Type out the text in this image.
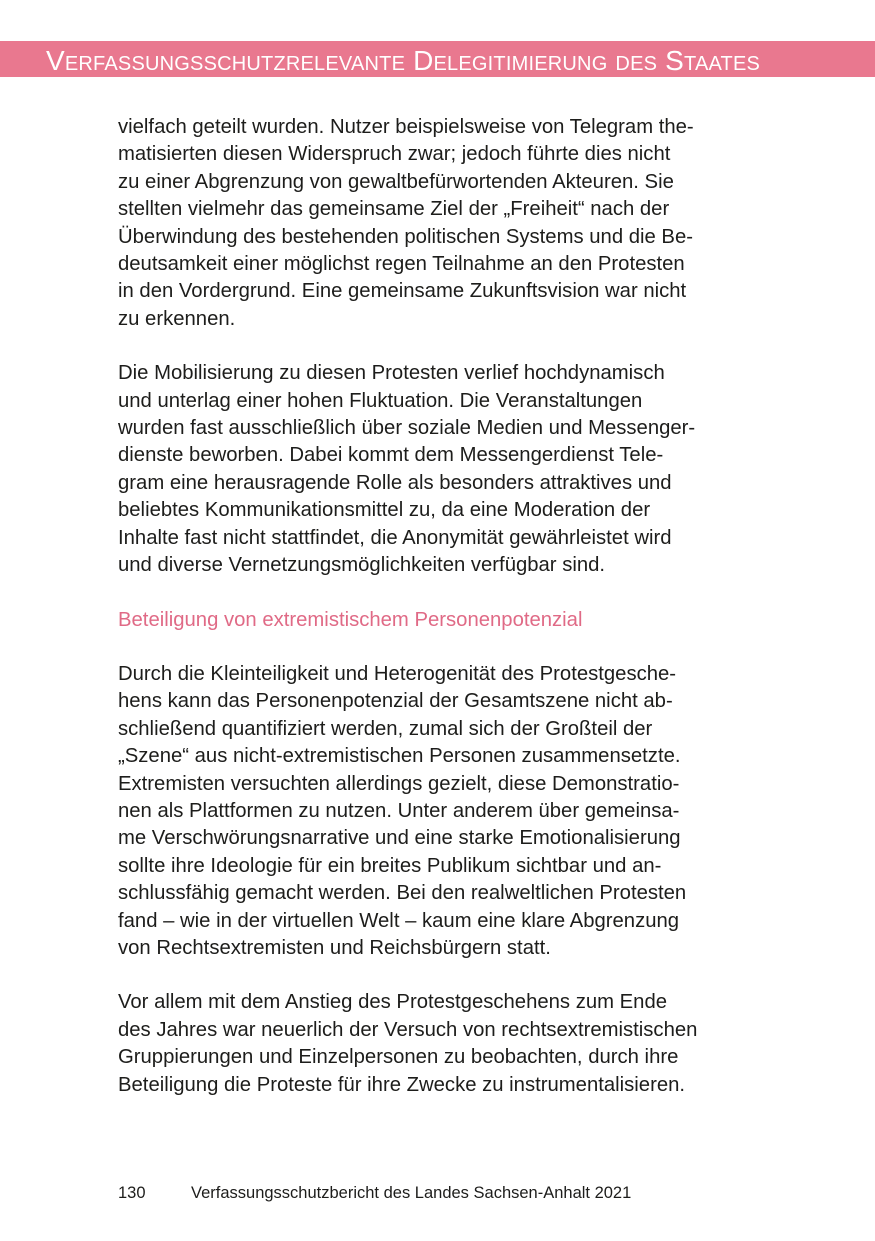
Verfassungsschutzrelevante Delegitimierung des Staates

vielfach geteilt wurden. Nutzer beispielsweise von Telegram the-
matisierten diesen Widerspruch zwar; jedoch führte dies nicht
zu einer Abgrenzung von gewaltbefürwortenden Akteuren. Sie
stellten vielmehr das gemeinsame Ziel der „Freiheit“ nach der
Überwindung des bestehenden politischen Systems und die Be-
deutsamkeit einer möglichst regen Teilnahme an den Protesten
in den Vordergrund. Eine gemeinsame Zukunftsvision war nicht
zu erkennen.

Die Mobilisierung zu diesen Protesten verlief hochdynamisch
und unterlag einer hohen Fluktuation. Die Veranstaltungen
wurden fast ausschließlich über soziale Medien und Messenger-
dienste beworben. Dabei kommt dem Messengerdienst Tele-
gram eine herausragende Rolle als besonders attraktives und
beliebtes Kommunikationsmittel zu, da eine Moderation der
Inhalte fast nicht stattfindet, die Anonymität gewährleistet wird
und diverse Vernetzungsmöglichkeiten verfügbar sind.

Beteiligung von extremistischem Personenpotenzial

Durch die Kleinteiligkeit und Heterogenität des Protestgesche-
hens kann das Personenpotenzial der Gesamtszene nicht ab-
schließend quantifiziert werden, zumal sich der Großteil der
„Szene“ aus nicht-extremistischen Personen zusammensetzte.
Extremisten versuchten allerdings gezielt, diese Demonstratio-
nen als Plattformen zu nutzen. Unter anderem über gemeinsa-
me Verschwörungsnarrative und eine starke Emotionalisierung
sollte ihre Ideologie für ein breites Publikum sichtbar und an-
schlussfähig gemacht werden. Bei den realweltlichen Protesten
fand – wie in der virtuellen Welt – kaum eine klare Abgrenzung
von Rechtsextremisten und Reichsbürgern statt.

Vor allem mit dem Anstieg des Protestgeschehens zum Ende
des Jahres war neuerlich der Versuch von rechtsextremistischen
Gruppierungen und Einzelpersonen zu beobachten, durch ihre
Beteiligung die Proteste für ihre Zwecke zu instrumentalisieren.

130	Verfassungsschutzbericht des Landes Sachsen-Anhalt 2021
